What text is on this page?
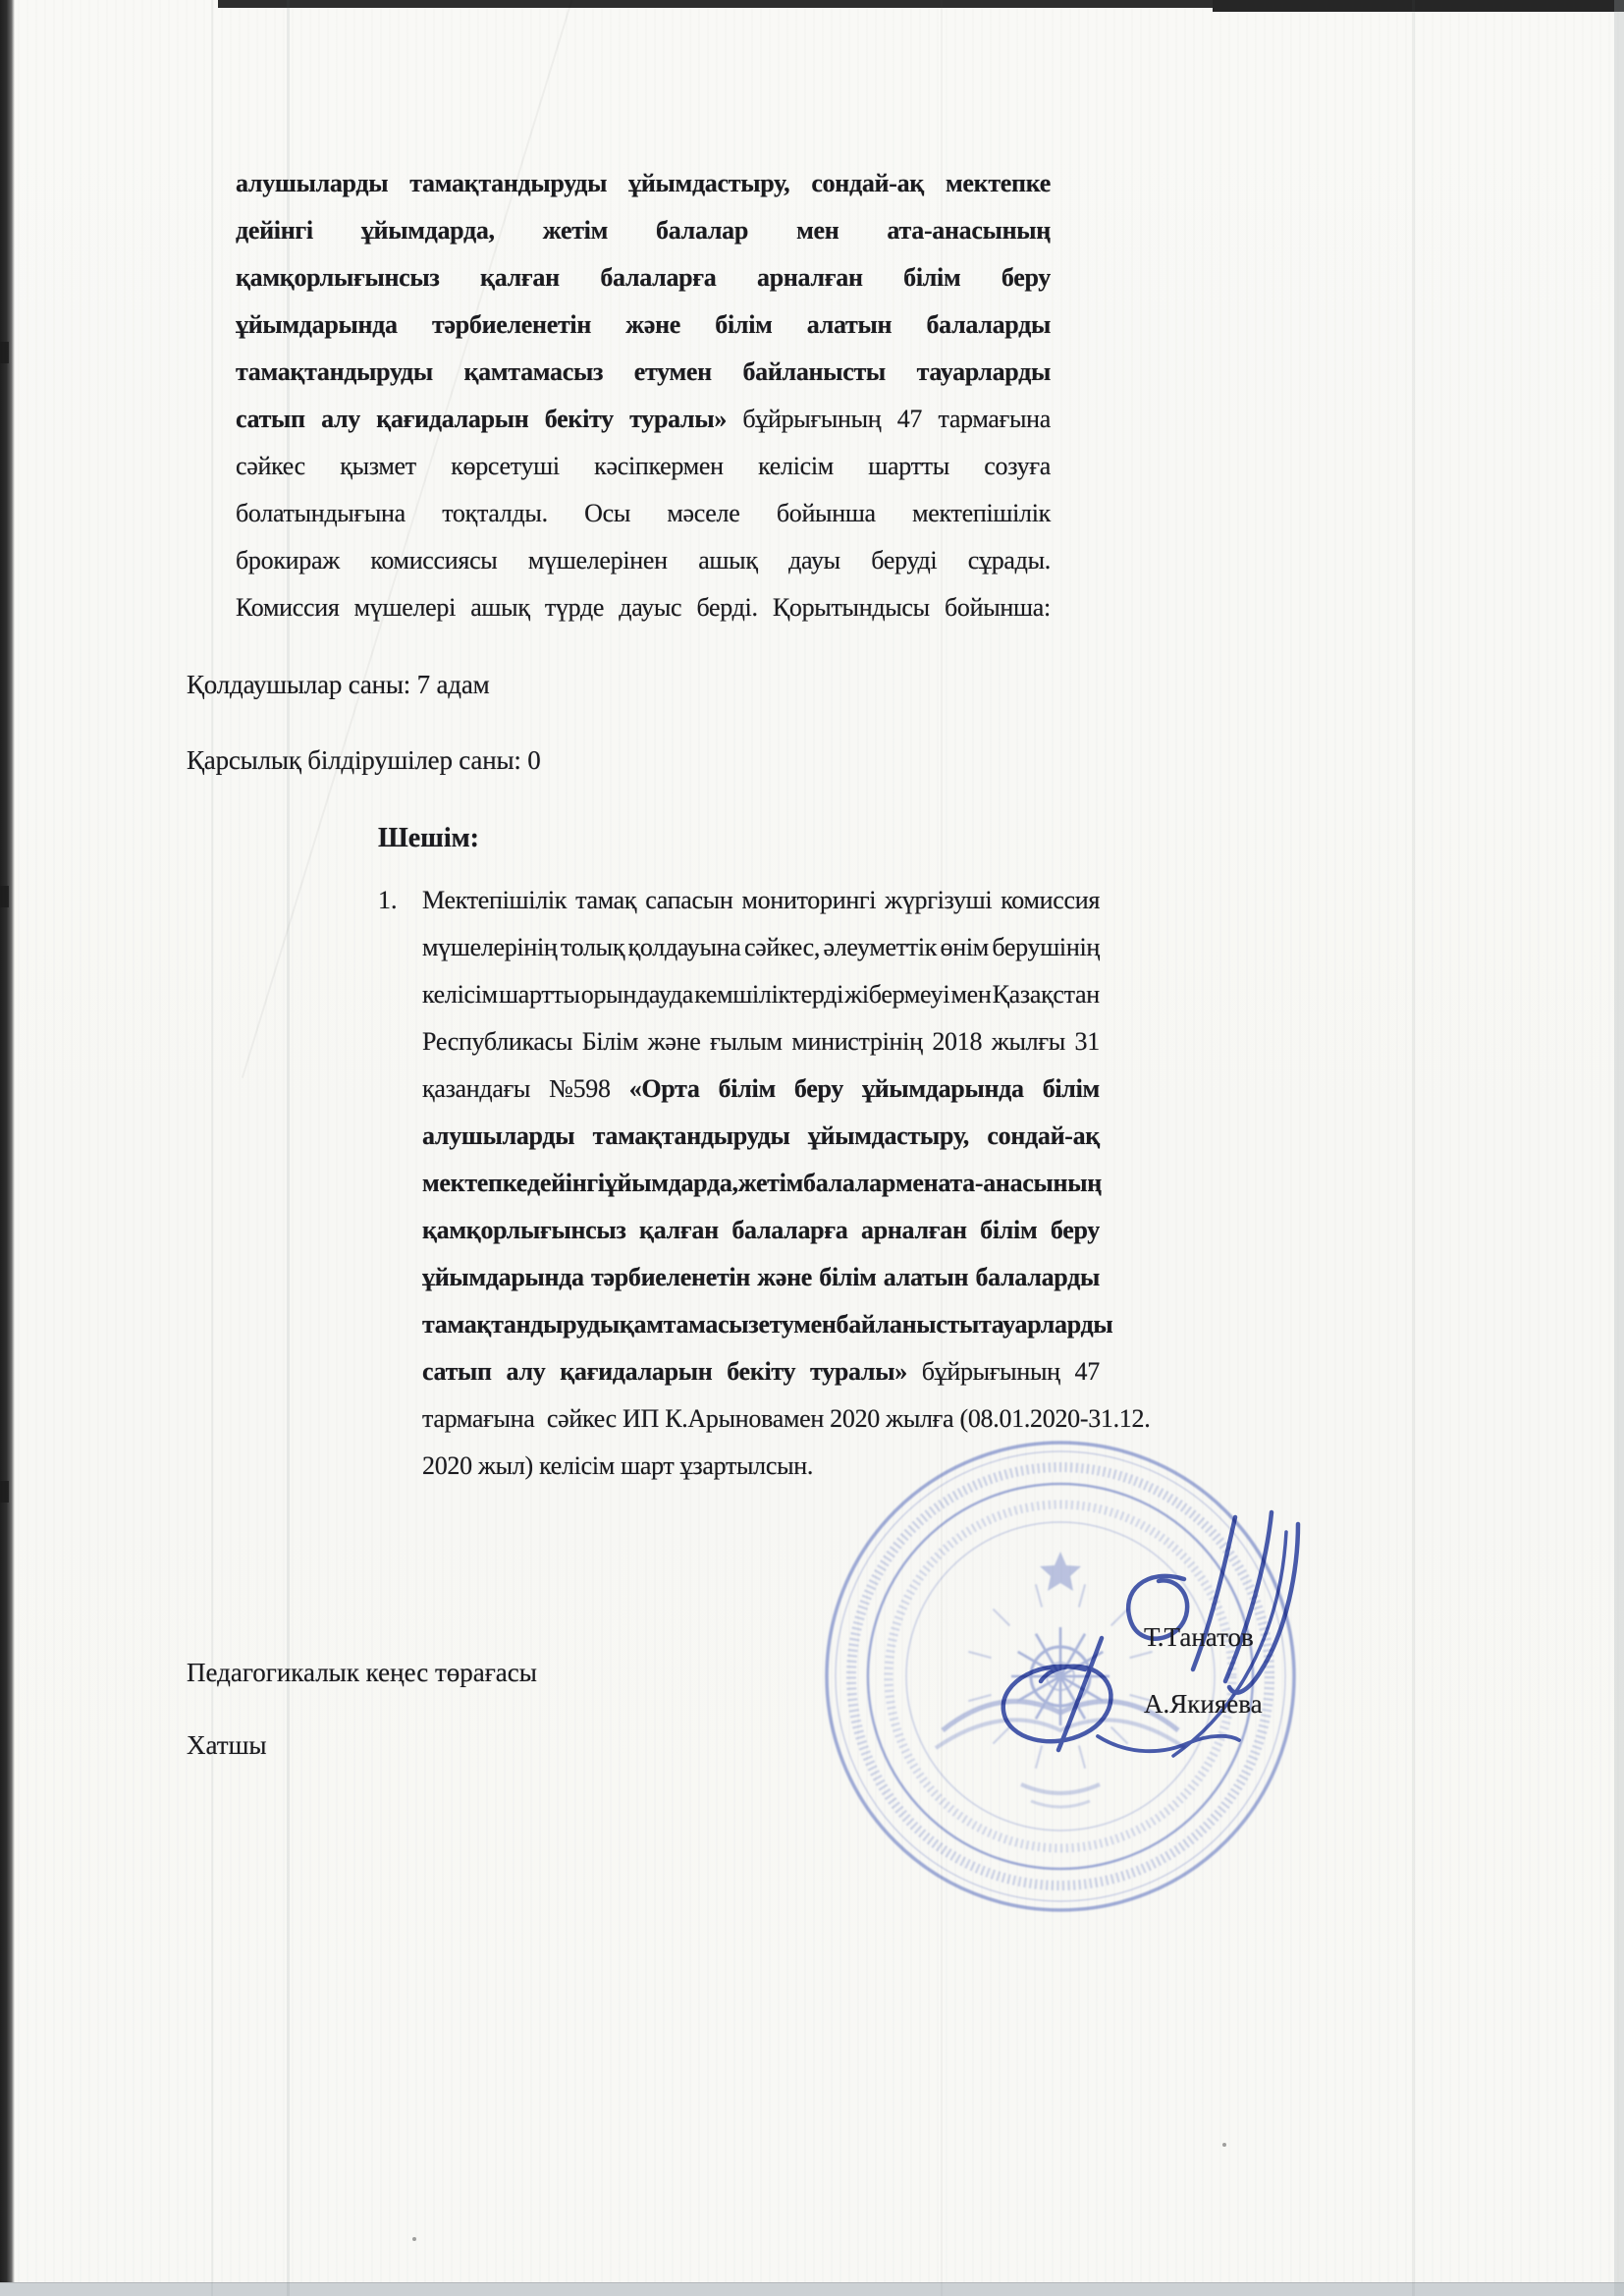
алушыларды тамақтандыруды ұйымдастыру, сондай-ақ мектепке
дейінгі ұйымдарда, жетім балалар мен ата-анасының
қамқорлығынсыз қалған балаларға арналған білім беру
ұйымдарында тәрбиеленетін және білім алатын балаларды
тамақтандыруды қамтамасыз етумен байланысты тауарларды
сатып алу қағидаларын бекіту туралы» бұйрығының 47 тармағына
сәйкес қызмет көрсетуші кәсіпкермен келісім шартты созуға
болатындығына тоқталды. Осы мәселе бойынша мектепішілік
брокираж комиссиясы мүшелерінен ашық дауы беруді сұрады.
Комиссия мүшелері ашық түрде дауыс берді. Қорытындысы бойынша:
Қолдаушылар саны: 7 адам
Қарсылық білдірушілер саны: 0
Шешім:
1. Мектепішілік тамақ сапасын мониторингі жүргізуші комиссия
мүшелерінің толық қолдауына сәйкес, әлеуметтік өнім берушінің
келісім шартты орындауда кемшіліктерді жібермеуі мен Қазақстан
Республикасы Білім және ғылым министрінің 2018 жылғы 31
қазандағы №598 «Орта білім беру ұйымдарында білім
алушыларды тамақтандыруды ұйымдастыру, сондай-ақ
мектепке дейінгі ұйымдарда, жетім балалар мен ата-анасының
қамқорлығынсыз қалған балаларға арналған білім беру
ұйымдарында тәрбиеленетін және білім алатын балаларды
тамақтандыруды қамтамасыз етумен байланысты тауарларды
сатып алу қағидаларын бекіту туралы» бұйрығының 47
тармағына  сәйкес ИП К.Арыновамен 2020 жылға (08.01.2020-31.12.
2020 жыл) келісім шарт ұзартылсын.
Педагогикалык кеңес төрағасы
Хатшы
Т.Танатов
А.Якияева
